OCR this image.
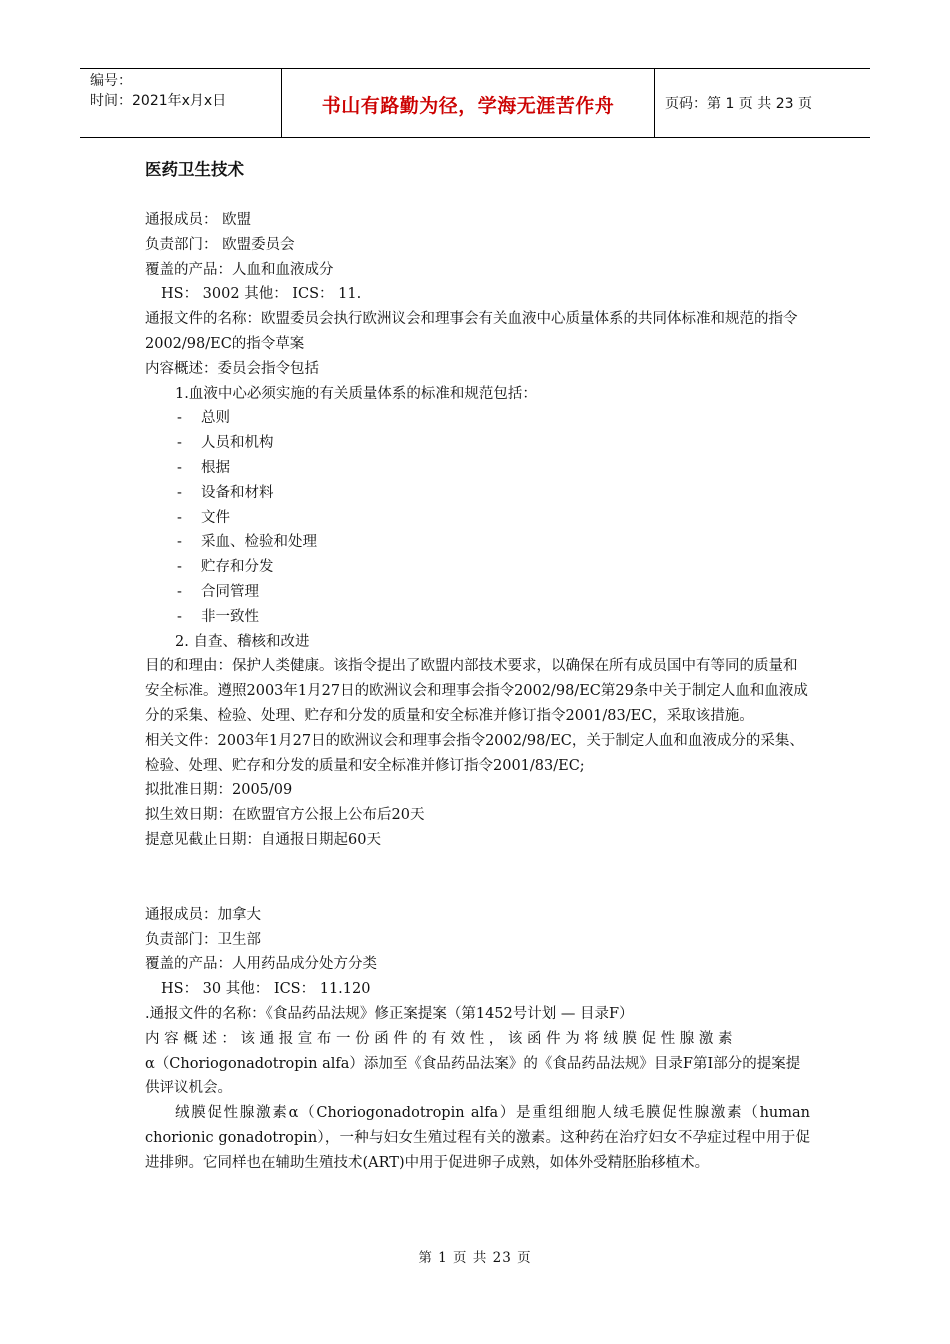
编号：
时间：2021年x月x日	书山有路勤为径，学海无涯苦作舟	页码：第 1 页 共 23 页
医药卫生技术

通报成员： 欧盟

负责部门： 欧盟委员会

覆盖的产品：人血和血液成分

HS： 3002 其他： ICS： 11.

通报文件的名称：欧盟委员会执行欧洲议会和理事会有关血液中心质量体系的共同体标准和规范的指令2002/98/EC的指令草案

内容概述：委员会指令包括

1.血液中心必须实施的有关质量体系的标准和规范包括：

- 总则

- 人员和机构

- 根据

- 设备和材料

- 文件

- 采血、检验和处理

- 贮存和分发

- 合同管理

- 非一致性

2. 自查、稽核和改进

目的和理由：保护人类健康。该指令提出了欧盟内部技术要求，以确保在所有成员国中有等同的质量和安全标准。遵照2003年1月27日的欧洲议会和理事会指令2002/98/EC第29条中关于制定人血和血液成分的采集、检验、处理、贮存和分发的质量和安全标准并修订指令2001/83/EC，采取该措施。

相关文件：2003年1月27日的欧洲议会和理事会指令2002/98/EC，关于制定人血和血液成分的采集、检验、处理、贮存和分发的质量和安全标准并修订指令2001/83/EC;

拟批准日期：2005/09

拟生效日期：在欧盟官方公报上公布后20天

提意见截止日期：自通报日期起60天

通报成员：加拿大

负责部门：卫生部

覆盖的产品：人用药品成分处方分类

HS： 30 其他： ICS： 11.120

.通报文件的名称：《食品药品法规》修正案提案（第1452号计划 — 目录F）

内容概述：该通报宣布一份函件的有效性，该函件为将绒膜促性腺激素

α（Choriogonadotropin alfa）添加至《食品药品法案》的《食品药品法规》目录F第I部分的提案提供评议机会。

绒膜促性腺激素α（Choriogonadotropin alfa）是重组细胞人绒毛膜促性腺激素（human chorionic gonadotropin），一种与妇女生殖过程有关的激素。这种药在治疗妇女不孕症过程中用于促进排卵。它同样也在辅助生殖技术(ART)中用于促进卵子成熟，如体外受精胚胎移植术。

第 1 页 共 23 页
